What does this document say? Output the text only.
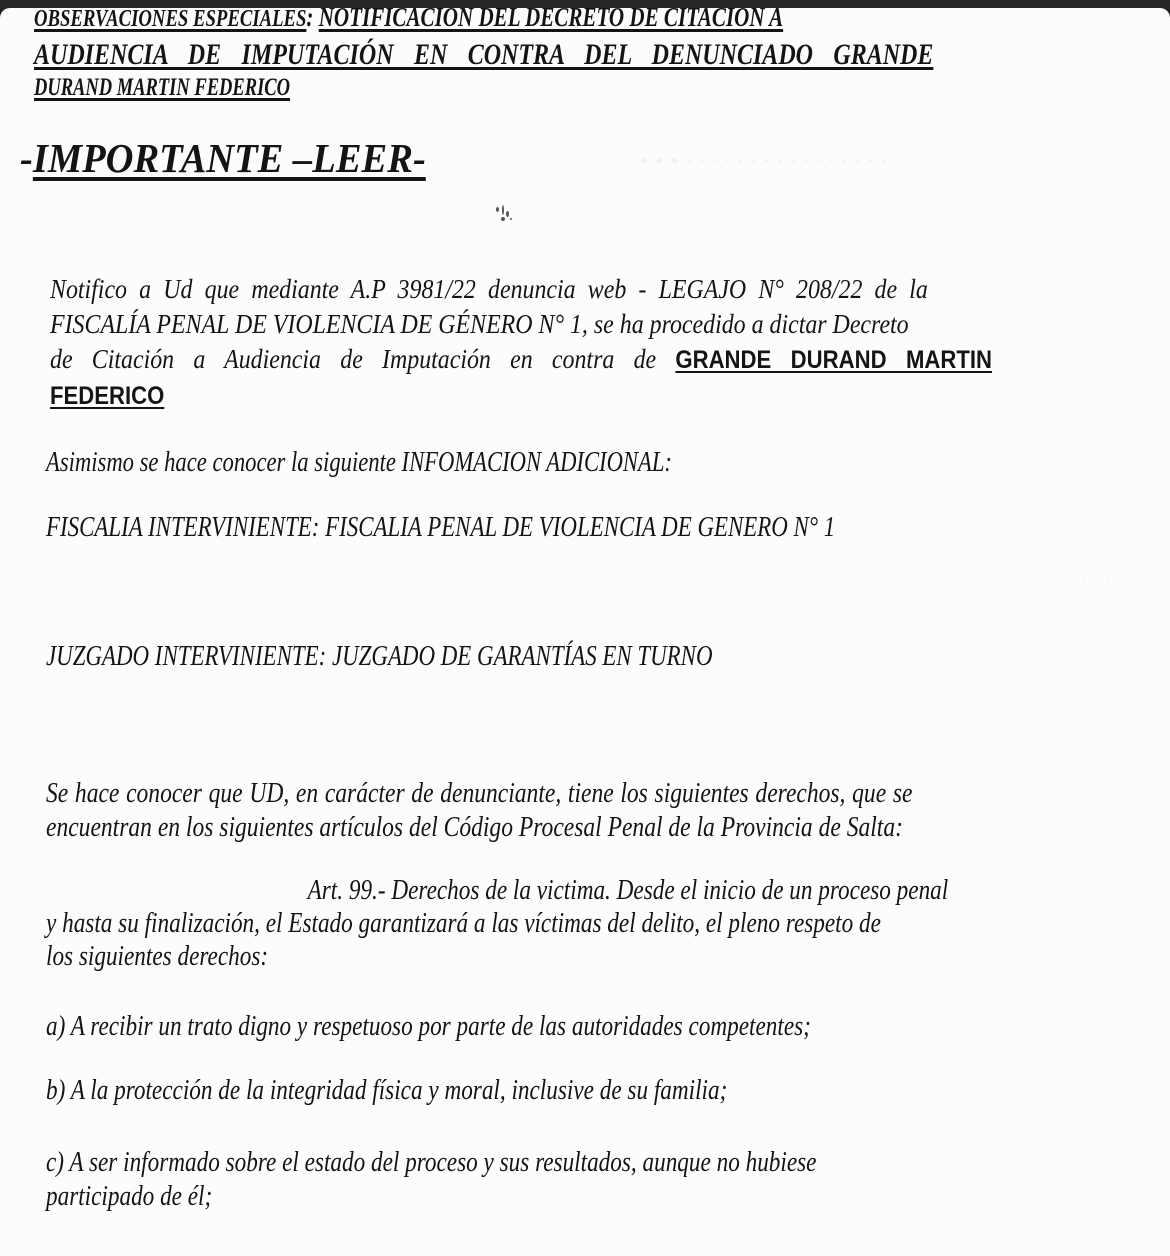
• • • · · · · · · · · · · · · · · · ·
· · ·
OBSERVACIONES ESPECIALES: NOTIFICACION DEL DECRETO DE CITACION A
AUDIENCIA DE IMPUTACIÓN EN CONTRA DEL DENUNCIADO GRANDE
DURAND MARTIN FEDERICO
-IMPORTANTE –LEER-
Notifico a Ud que mediante A.P 3981/22 denuncia web - LEGAJO N° 208/22 de la
FISCALÍA PENAL DE VIOLENCIA DE GÉNERO N° 1, se ha procedido a dictar Decreto
de Citación a Audiencia de Imputación en contra de GRANDE DURAND MARTIN
FEDERICO
Asimismo se hace conocer la siguiente INFOMACION ADICIONAL:
FISCALIA INTERVINIENTE: FISCALIA PENAL DE VIOLENCIA DE GENERO N° 1
JUZGADO INTERVINIENTE: JUZGADO DE GARANTÍAS EN TURNO
Se hace conocer que UD, en carácter de denunciante, tiene los siguientes derechos, que se
encuentran en los siguientes artículos del Código Procesal Penal de la Provincia de Salta:
Art. 99.- Derechos de la victima. Desde el inicio de un proceso penal
y hasta su finalización, el Estado garantizará a las víctimas del delito, el pleno respeto de
los siguientes derechos:
a) A recibir un trato digno y respetuoso por parte de las autoridades competentes;
b) A la protección de la integridad física y moral, inclusive de su familia;
c) A ser informado sobre el estado del proceso y sus resultados, aunque no hubiese
participado de él;
